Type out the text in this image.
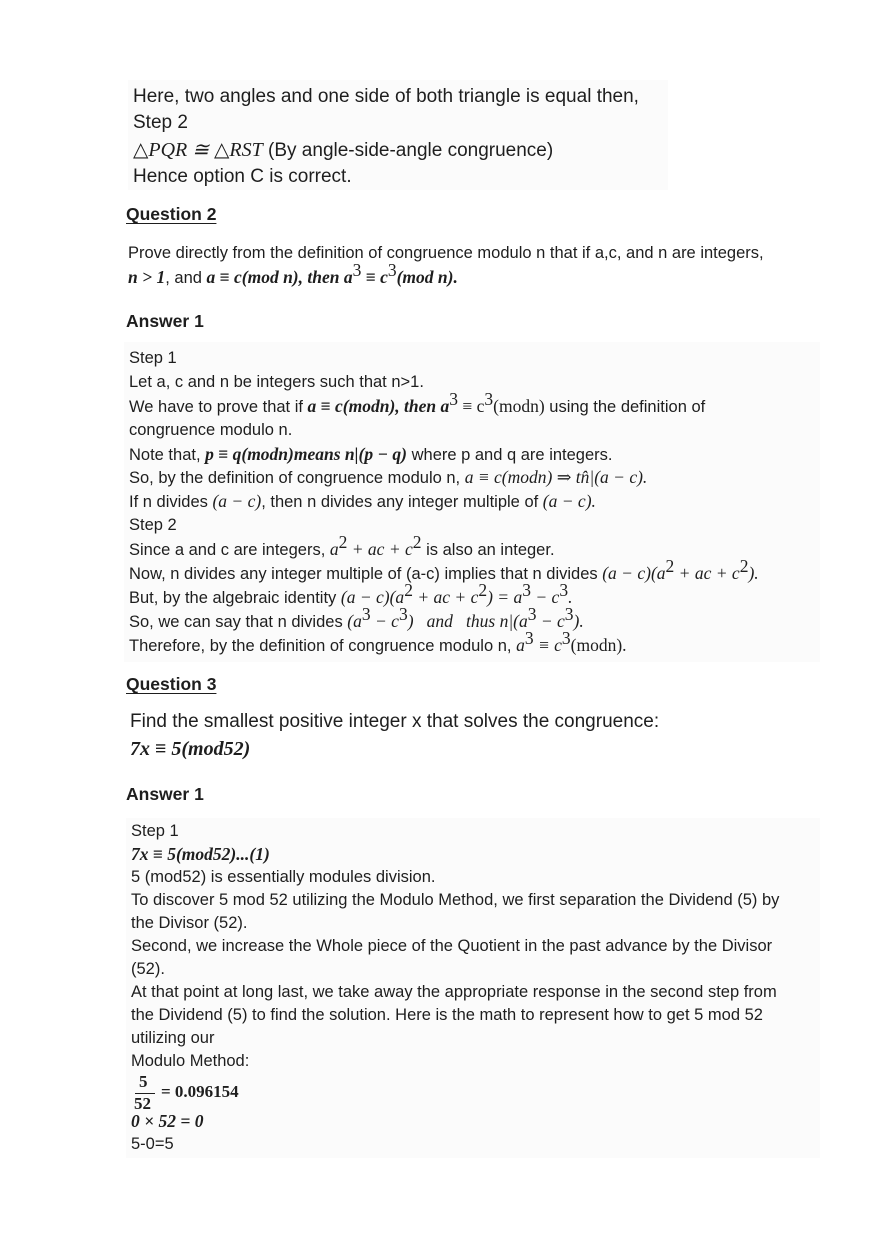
Here, two angles and one side of both triangle is equal then,
Step 2
△PQR ≅ △RST (By angle-side-angle congruence)
Hence option C is correct.
Question 2
Prove directly from the definition of congruence modulo n that if a,c, and n are integers,
n > 1, and a ≡ c(mod n), then $a^3 \equiv c^3(mod$ n).
Answer 1
Step 1
Let a, c and n be integers such that n>1.
We have to prove that if a ≡ c(modn), then $a^3$ ≡ $c^3(modn)$ using the definition of
congruence modulo n.
Note that, p ≡ q(modn)means n|(p − q) where p and q are integers.
So, by the definition of congruence modulo n, a ≡ c(modn) ⇒ tn̂|(a − c).
If n divides (a − c), then n divides any integer multiple of (a − c).
Step 2
Since a and c are integers, $a^2$ + ac + $c^2$ is also an integer.
Now, n divides any integer multiple of (a-c) implies that n divides $(a - c)(a^2$ + ac + $c^2$).
But, by the algebraic identity $(a - c)(a^2$ + ac + $c^2) = a^3 - c^3$.
So, we can say that n divides $(a^3 - c^3)$   and   thus $n|(a^3 - c^3)$.
Therefore, by the definition of congruence modulo n, $a^3$ ≡ $c^3(modn)$.
Question 3
Find the smallest positive integer x that solves the congruence:
7x ≡ 5(mod52)
Answer 1
Step 1
7x ≡ 5(mod52)...(1)
5 (mod52) is essentially modules division.
To discover 5 mod 52 utilizing the Modulo Method, we first separation the Dividend (5) by
the Divisor (52).
Second, we increase the Whole piece of the Quotient in the past advance by the Divisor
(52).
At that point at long last, we take away the appropriate response in the second step from
the Dividend (5) to find the solution. Here is the math to represent how to get 5 mod 52
utilizing our
Modulo Method:
5
52
= 0.096154
0 × 52 = 0
5-0=5
